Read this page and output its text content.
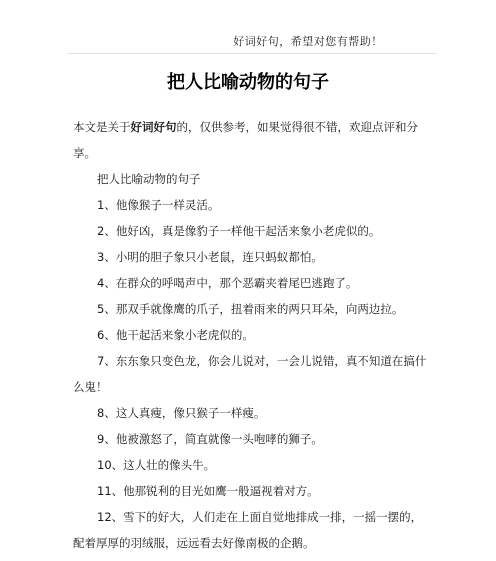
好词好句，希望对您有帮助！
把人比喻动物的句子

本文是关于好词好句的，仅供参考，如果觉得很不错，欢迎点评和分享。

把人比喻动物的句子

1、他像猴子一样灵活。

2、他好凶，真是像豹子一样他干起活来象小老虎似的。

3、小明的胆子象只小老鼠，连只蚂蚁都怕。

4、在群众的呼喝声中，那个恶霸夹着尾巴逃跑了。

5、那双手就像鹰的爪子，扭着雨来的两只耳朵，向两边拉。

6、他干起活来象小老虎似的。

7、东东象只变色龙，你会儿说对，一会儿说错，真不知道在搞什么鬼！

8、这人真瘦，像只猴子一样瘦。

9、他被激怒了，简直就像一头咆哮的狮子。

10、这人壮的像头牛。

11、他那锐利的目光如鹰一般逼视着对方。

12、雪下的好大，人们走在上面自觉地排成一排，一摇一摆的，配着厚厚的羽绒服，远远看去好像南极的企鹅。
